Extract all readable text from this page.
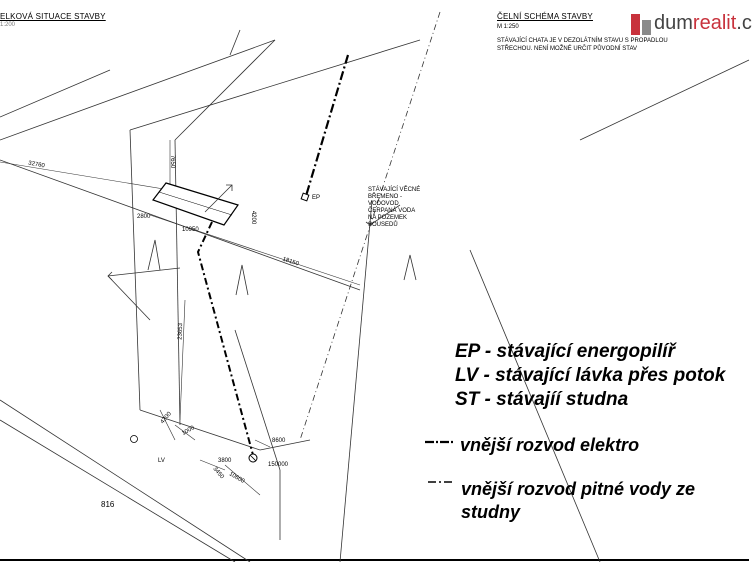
ELKOVÁ SITUACE STAVBY
1:200
ČELNÍ SCHÉMA STAVBY
M 1:250
STÁVAJÍCÍ CHATA JE V DEZOLÁTNÍM STAVU S PROPADLOU
STŘECHOU. NENÍ MOŽNÉ URČIT PŮVODNÍ STAV
dumrealit.c
EP
LV
816
STÁVAJÍCÍ VĚCNÉ
BŘEMENO -
VODOVOD
ČERPANÁ VODA
NA POZEMEK
SOUSEDŮ
32760	7650
2800
10950
4200
18150
23653
4200
1000
3450
8600
3800
10600
150000
EP - stávající energopilíř
LV - stávající lávka přes potok
ST - stávajíí studna
vnější rozvod elektro
vnější rozvod pitné vody ze
studny
